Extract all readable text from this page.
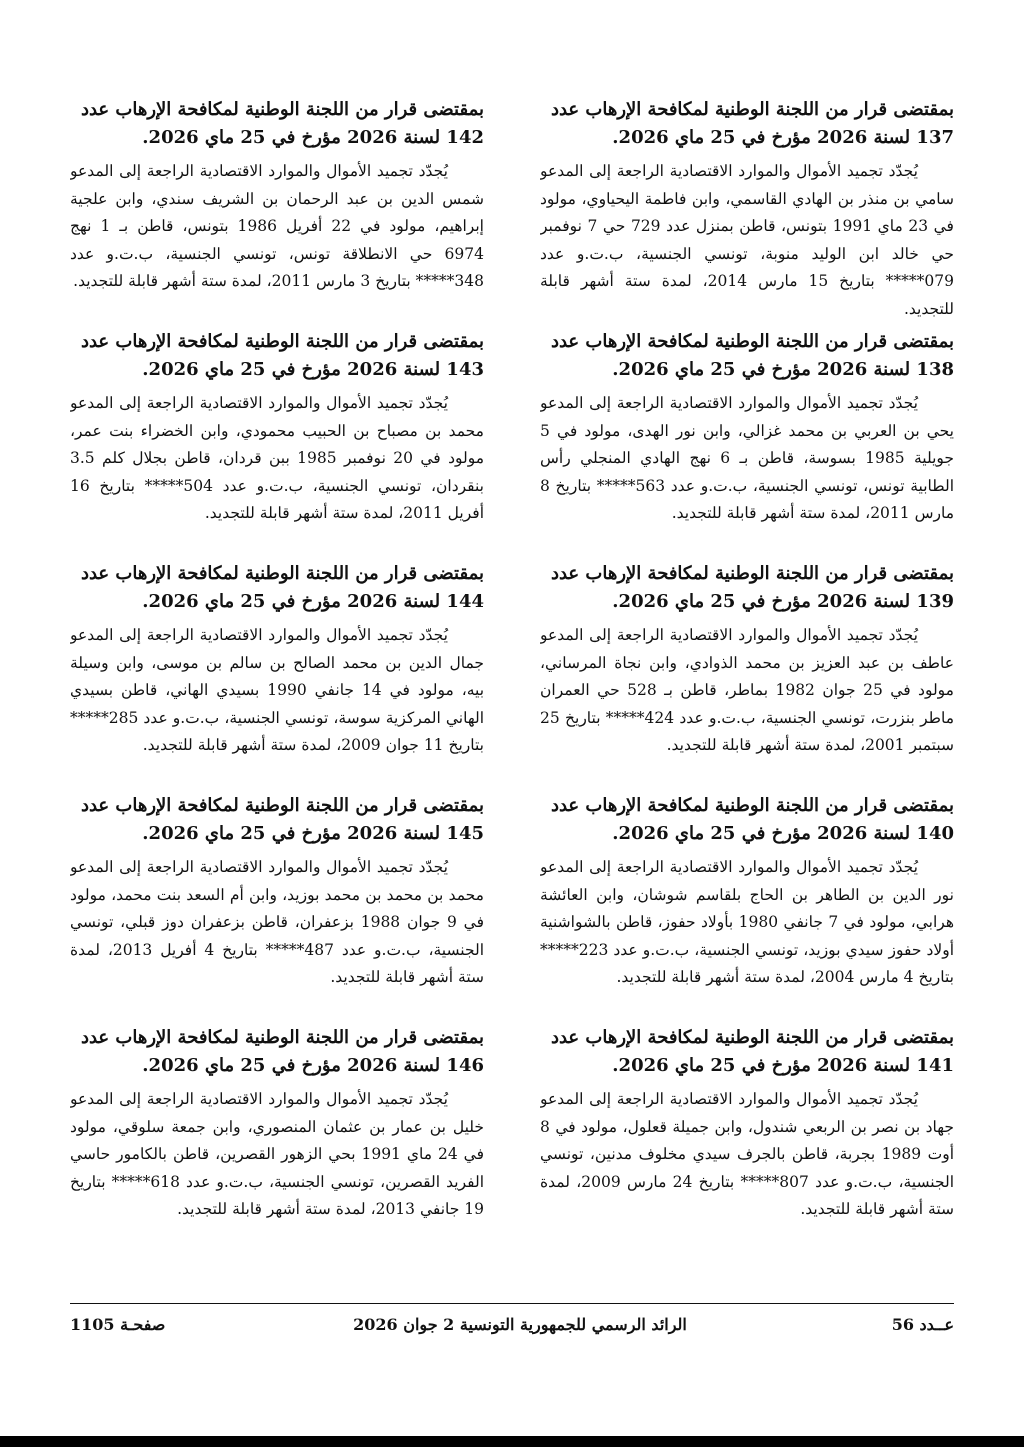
بمقتضى قرار من اللجنة الوطنية لمكافحة الإرهاب عدد 137 لسنة 2026 مؤرخ في 25 ماي 2026.

يُجدّد تجميد الأموال والموارد الاقتصادية الراجعة إلى المدعو سامي بن منذر بن الهادي القاسمي، وابن فاطمة اليحياوي، مولود في 23 ماي 1991 بتونس، قاطن بمنزل عدد 729 حي 7 نوفمبر حي خالد ابن الوليد منوبة، تونسي الجنسية، ب.ت.و عدد 079***** بتاريخ 15 مارس 2014، لمدة ستة أشهر قابلة للتجديد.

بمقتضى قرار من اللجنة الوطنية لمكافحة الإرهاب عدد 138 لسنة 2026 مؤرخ في 25 ماي 2026.

يُجدّد تجميد الأموال والموارد الاقتصادية الراجعة إلى المدعو يحي بن العربي بن محمد غزالي، وابن نور الهدى، مولود في 5 جويلية 1985 بسوسة، قاطن بـ 6 نهج الهادي المنجلي رأس الطابية تونس، تونسي الجنسية، ب.ت.و عدد 563***** بتاريخ 8 مارس 2011، لمدة ستة أشهر قابلة للتجديد.

بمقتضى قرار من اللجنة الوطنية لمكافحة الإرهاب عدد 139 لسنة 2026 مؤرخ في 25 ماي 2026.

يُجدّد تجميد الأموال والموارد الاقتصادية الراجعة إلى المدعو عاطف بن عبد العزيز بن محمد الذوادي، وابن نجاة المرساني، مولود في 25 جوان 1982 بماطر، قاطن بـ 528 حي العمران ماطر بنزرت، تونسي الجنسية، ب.ت.و عدد 424***** بتاريخ 25 سبتمبر 2001، لمدة ستة أشهر قابلة للتجديد.

بمقتضى قرار من اللجنة الوطنية لمكافحة الإرهاب عدد 140 لسنة 2026 مؤرخ في 25 ماي 2026.

يُجدّد تجميد الأموال والموارد الاقتصادية الراجعة إلى المدعو نور الدين بن الطاهر بن الحاج بلقاسم شوشان، وابن العائشة هرابي، مولود في 7 جانفي 1980 بأولاد حفوز، قاطن بالشواشنية أولاد حفوز سيدي بوزيد، تونسي الجنسية، ب.ت.و عدد 223***** بتاريخ 4 مارس 2004، لمدة ستة أشهر قابلة للتجديد.

بمقتضى قرار من اللجنة الوطنية لمكافحة الإرهاب عدد 141 لسنة 2026 مؤرخ في 25 ماي 2026.

يُجدّد تجميد الأموال والموارد الاقتصادية الراجعة إلى المدعو جهاد بن نصر بن الربعي شندول، وابن جميلة قعلول، مولود في 8 أوت 1989 بجربة، قاطن بالجرف سيدي مخلوف مدنين، تونسي الجنسية، ب.ت.و عدد 807***** بتاريخ 24 مارس 2009، لمدة ستة أشهر قابلة للتجديد.

بمقتضى قرار من اللجنة الوطنية لمكافحة الإرهاب عدد 142 لسنة 2026 مؤرخ في 25 ماي 2026.

يُجدّد تجميد الأموال والموارد الاقتصادية الراجعة إلى المدعو شمس الدين بن عبد الرحمان بن الشريف سندي، وابن علجية إبراهيم، مولود في 22 أفريل 1986 بتونس، قاطن بـ 1 نهج 6974 حي الانطلاقة تونس، تونسي الجنسية، ب.ت.و عدد 348***** بتاريخ 3 مارس 2011، لمدة ستة أشهر قابلة للتجديد.

بمقتضى قرار من اللجنة الوطنية لمكافحة الإرهاب عدد 143 لسنة 2026 مؤرخ في 25 ماي 2026.

يُجدّد تجميد الأموال والموارد الاقتصادية الراجعة إلى المدعو محمد بن مصباح بن الحبيب محمودي، وابن الخضراء بنت عمر، مولود في 20 نوفمبر 1985 ببن قردان، قاطن بجلال كلم 3.5 بنقردان، تونسي الجنسية، ب.ت.و عدد 504***** بتاريخ 16 أفريل 2011، لمدة ستة أشهر قابلة للتجديد.

بمقتضى قرار من اللجنة الوطنية لمكافحة الإرهاب عدد 144 لسنة 2026 مؤرخ في 25 ماي 2026.

يُجدّد تجميد الأموال والموارد الاقتصادية الراجعة إلى المدعو جمال الدين بن محمد الصالح بن سالم بن موسى، وابن وسيلة بيه، مولود في 14 جانفي 1990 بسيدي الهاني، قاطن بسيدي الهاني المركزية سوسة، تونسي الجنسية، ب.ت.و عدد 285***** بتاريخ 11 جوان 2009، لمدة ستة أشهر قابلة للتجديد.

بمقتضى قرار من اللجنة الوطنية لمكافحة الإرهاب عدد 145 لسنة 2026 مؤرخ في 25 ماي 2026.

يُجدّد تجميد الأموال والموارد الاقتصادية الراجعة إلى المدعو محمد بن محمد بن محمد بوزيد، وابن أم السعد بنت محمد، مولود في 9 جوان 1988 بزعفران، قاطن بزعفران دوز قبلي، تونسي الجنسية، ب.ت.و عدد 487***** بتاريخ 4 أفريل 2013، لمدة ستة أشهر قابلة للتجديد.

بمقتضى قرار من اللجنة الوطنية لمكافحة الإرهاب عدد 146 لسنة 2026 مؤرخ في 25 ماي 2026.

يُجدّد تجميد الأموال والموارد الاقتصادية الراجعة إلى المدعو خليل بن عمار بن عثمان المنصوري، وابن جمعة سلوقي، مولود في 24 ماي 1991 بحي الزهور القصرين، قاطن بالكامور حاسي الفريد القصرين، تونسي الجنسية، ب.ت.و عدد 618***** بتاريخ 19 جانفي 2013، لمدة ستة أشهر قابلة للتجديد.

عــدد 56
الرائد الرسمي للجمهورية التونسية 2 جوان 2026
صفحـة 1105
